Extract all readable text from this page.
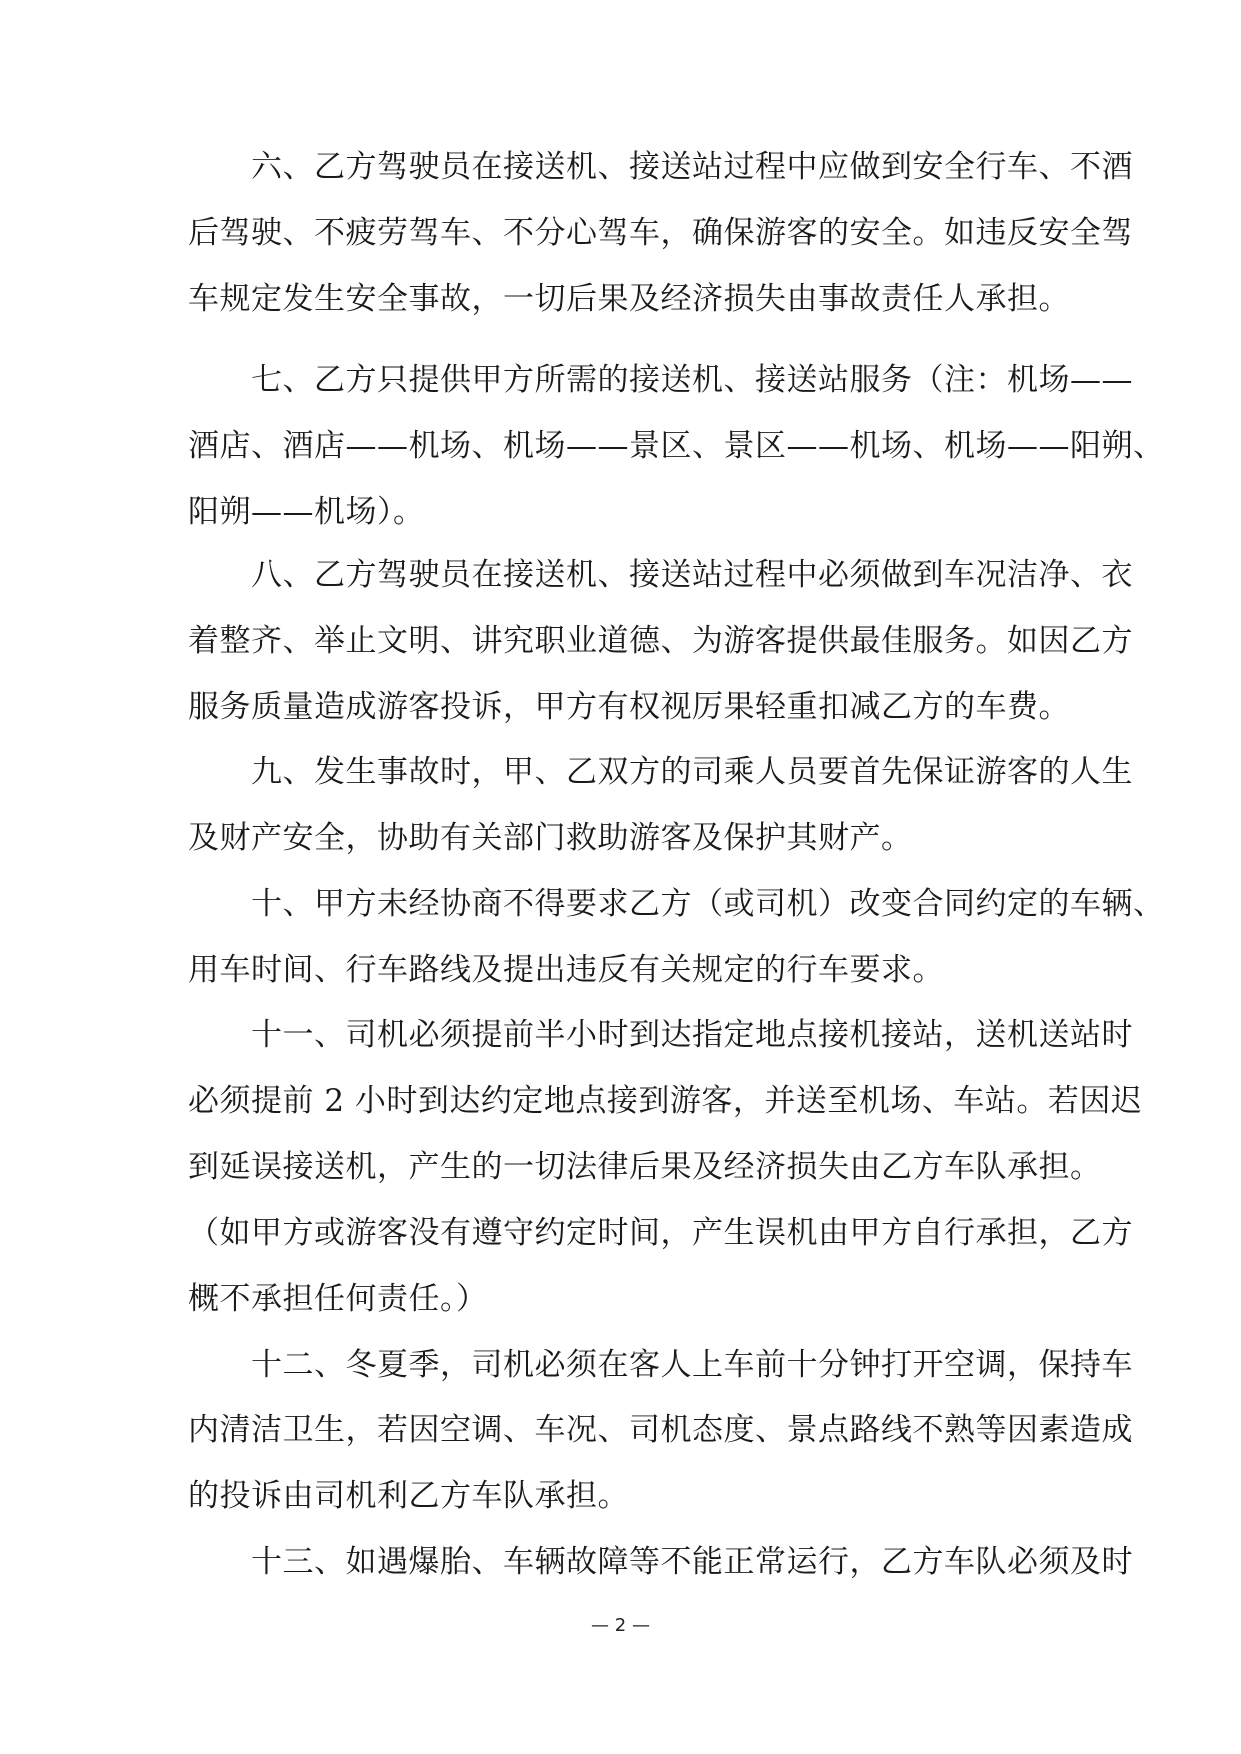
　　六、乙方驾驶员在接送机、接送站过程中应做到安全行车、不酒
后驾驶、不疲劳驾车、不分心驾车，确保游客的安全。如违反安全驾
车规定发生安全事故，一切后果及经济损失由事故责任人承担。
　　七、乙方只提供甲方所需的接送机、接送站服务（注：机场——
酒店、酒店——机场、机场——景区、景区——机场、机场——阳朔、
阳朔——机场）。
　　八、乙方驾驶员在接送机、接送站过程中必须做到车况洁净、衣
着整齐、举止文明、讲究职业道德、为游客提供最佳服务。如因乙方
服务质量造成游客投诉，甲方有权视厉果轻重扣减乙方的车费。
　　九、发生事故时，甲、乙双方的司乘人员要首先保证游客的人生
及财产安全，协助有关部门救助游客及保护其财产。
　　十、甲方未经协商不得要求乙方（或司机）改变合同约定的车辆、
用车时间、行车路线及提出违反有关规定的行车要求。
　　十一、司机必须提前半小时到达指定地点接机接站，送机送站时
必须提前 2 小时到达约定地点接到游客，并送至机场、车站。若因迟
到延误接送机，产生的一切法律后果及经济损失由乙方车队承担。
（如甲方或游客没有遵守约定时间，产生误机由甲方自行承担，乙方
概不承担任何责任。）
　　十二、冬夏季，司机必须在客人上车前十分钟打开空调，保持车
内清洁卫生，若因空调、车况、司机态度、景点路线不熟等因素造成
的投诉由司机利乙方车队承担。
　　十三、如遇爆胎、车辆故障等不能正常运行，乙方车队必须及时
— 2 —
